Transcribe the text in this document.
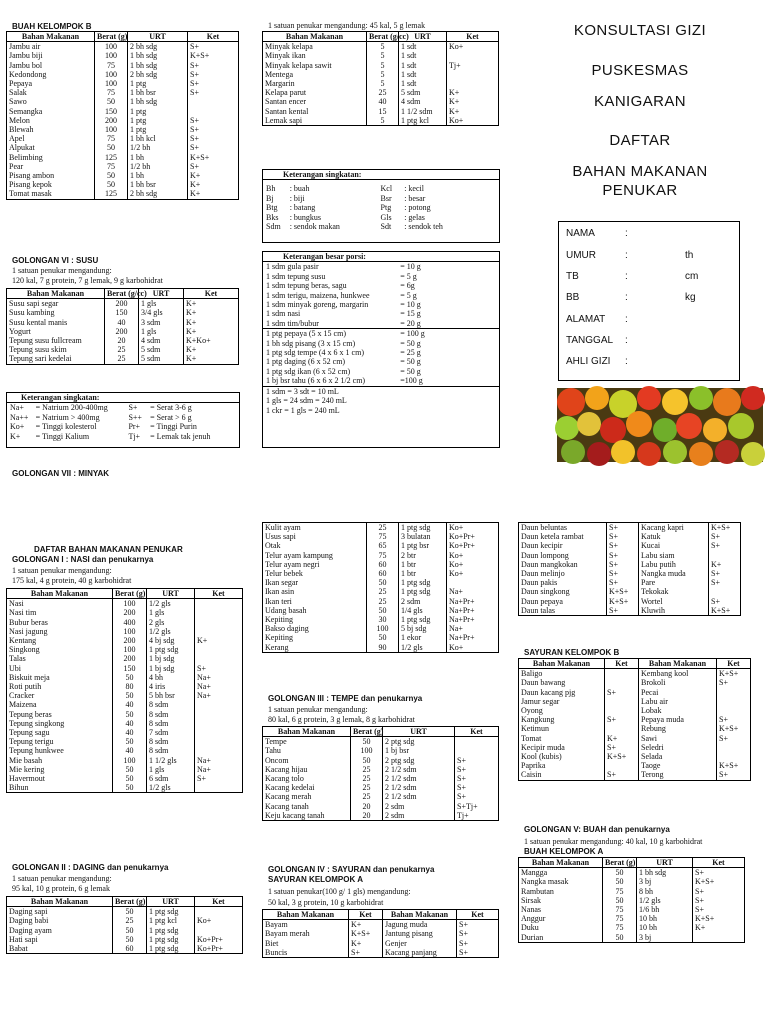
BUAH KELOMPOK B
Bahan Makanan	Berat (g)	URT	Ket
Jambu air	100	2 bh sdg	S+
Jambu biji	100	1 bh sdg	K+S+
Jambu bol	75	1 bh sdg	S+
Kedondong	100	2 bh sdg	S+
Pepaya	100	1 ptg	S+
Salak	75	1 bh bsr	S+
Sawo	50	1 bh sdg	
Semangka	150	1 ptg	
Melon	200	1 ptg	S+
Blewah	100	1 ptg	S+
Apel	75	1 bh kcl	S+
Alpukat	50	1/2 bh	S+
Belimbing	125	1 bh	K+S+
Pear	75	1/2 bh	S+
Pisang ambon	50	1 bh	K+
Pisang kepok	50	1 bh bsr	K+
Tomat masak	125	2 bh sdg	K+
GOLONGAN VI : SUSU
1 satuan penukar mengandung:
120 kal, 7 g protein, 7 g lemak, 9 g karbohidrat
Bahan Makanan	Berat (g/cc)	URT	Ket
Susu sapi segar	200	1 gls	K+
Susu kambing	150	3/4 gls	K+
Susu kental manis	40	3 sdm	K+
Yogurt	200	1 gls	K+
Tepung susu fullcream	20	4 sdm	K+Ko+
Tepung susu skim	25	5 sdm	K+
Tepung sari kedelai	25	5 sdm	K+
Keterangan singkatan:
Na+	= Natrium 200-400mg	S+	= Serat 3-6 g
Na++ = Natrium > 400mg	S++	= Serat > 6 g
Ko+	= Tinggi kolesterol	Pr+	= Tinggi Purin
K+	= Tinggi Kalium	Tj+	= Lemak tak jenuh
GOLONGAN VII : MINYAK
1 satuan penukar mengandung: 45 kal, 5 g lemak
Bahan Makanan	Berat (g/cc)	URT	Ket
Minyak kelapa	5	1 sdt	Ko+
Minyak ikan	5	1 sdt	
Minyak kelapa sawit	5	1 sdt	Tj+
Mentega	5	1 sdt	
Margarin	5	1 sdt	
Kelapa parut	25	5 sdm	K+
Santan encer	40	4 sdm	K+
Santan kental	15	1 1/2 sdm	K+
Lemak sapi	5	1 ptg kcl	Ko+
Keterangan singkatan:
Bh	: buah	Kcl	: kecil
Bj	: biji	Bsr	: besar
Btg	: batang	Ptg	: potong
Bks	: bungkus	Gls	: gelas
Sdm	: sendok makan	Sdt	: sendok teh
Keterangan besar porsi:
1 sdm gula pasir	= 10 g
1 sdm tepung susu	= 5 g
1 sdm tepung beras, sagu	= 6g
1 sdm terigu, maizena, hunkwee	= 5 g
1 sdm minyak goreng, margarin	= 10 g
1 sdm nasi	= 15 g
1 sdm tim/bubur	= 20 g
1 ptg pepaya (5 x 15 cm)	= 100 g
1 bh sdg pisang (3 x 15 cm)	= 50 g
1 ptg sdg tempe (4 x 6 x 1 cm)	= 25 g
1 ptg daging (6 x 52 cm)	= 50 g
1 ptg sdg ikan (6 x 52 cm)	= 50 g
1 bj bsr tahu (6 x 6 x 2 1/2 cm)	=100 g
1 sdm = 3 sdt = 10 mL
1 gls = 24 sdm = 240 mL
1 ckr = 1 gls = 240 mL
KONSULTASI GIZI
PUSKESMAS
KANIGARAN
DAFTAR
BAHAN MAKANAN
PENUKAR
NAMA	:
UMUR	:	th
TB	:	cm
BB	:	kg
ALAMAT :
TANGGAL :
AHLI GIZI :
DAFTAR BAHAN MAKANAN PENUKAR
GOLONGAN I : NASI dan penukarnya
1 satuan penukar mengandung:
175 kal, 4 g protein, 40 g karbohidrat
Bahan Makanan	Berat (g)	URT	Ket
Nasi	100	1/2 gls	
Nasi tim	200	1 gls	
Bubur beras	400	2 gls	
Nasi jagung	100	1/2 gls	
Kentang	200	4 bj sdg	K+
Singkong	100	1 ptg sdg	
Talas	200	1 bj sdg	
Ubi	150	1 bj sdg	S+
Biskuit meja	50	4 bh	Na+
Roti putih	80	4 iris	Na+
Cracker	50	5 bh bsr	Na+
Maizena	40	8 sdm	
Tepung beras	50	8 sdm	
Tepung singkong	40	8 sdm	
Tepung sagu	40	7 sdm	
Tepung terigu	50	8 sdm	
Tepung hunkwee	40	8 sdm	
Mie basah	100	1 1/2 gls	Na+
Mie kering	50	1 gls	Na+
Havermout	50	6 sdm	S+
Bihun	50	1/2 gls	
GOLONGAN II : DAGING dan penukarnya
1 satuan penukar mengandung:
95 kal, 10 g protein, 6 g lemak
Bahan Makanan	Berat (g)	URT	Ket
Daging sapi	50	1 ptg sdg	
Daging babi	25	1 ptg kcl	Ko+
Daging ayam	50	1 ptg sdg	
Hati sapi	50	1 ptg sdg	Ko+Pr+
Babat	60	1 ptg sdg	Ko+Pr+
Kulit ayam	25	1 ptg sdg	Ko+
Usus sapi	75	3 bulatan	Ko+Pr+
Otak	65	1 ptg bsr	Ko+Pr+
Telur ayam kampung	75	2 btr	Ko+
Telur ayam negri	60	1 btr	Ko+
Telur bebek	60	1 btr	Ko+
Ikan segar	50	1 ptg sdg	
Ikan asin	25	1 ptg sdg	Na+
Ikan teri	25	2 sdm	Na+Pr+
Udang basah	50	1/4 gls	Na+Pr+
Kepiting	30	1 ptg sdg	Na+Pr+
Bakso daging	100	5 bj sdg	Na+
Kepiting	50	1 ekor	Na+Pr+
Kerang	90	1/2 gls	Ko+
GOLONGAN III : TEMPE dan penukarnya
1 satuan penukar mengandung:
80 kal, 6 g protein, 3 g lemak, 8 g karbohidrat
Bahan Makanan	Berat (g)	URT	Ket
Tempe	50	2 ptg sdg	
Tahu	100	1 bj bsr	
Oncom	50	2 ptg sdg	S+
Kacang hijau	25	2 1/2 sdm	S+
Kacang tolo	25	2 1/2 sdm	S+
Kacang kedelai	25	2 1/2 sdm	S+
Kacang merah	25	2 1/2 sdm	S+
Kacang tanah	20	2 sdm	S+Tj+
Keju kacang tanah	20	2 sdm	Tj+
GOLONGAN IV : SAYURAN dan penukarnya
SAYURAN KELOMPOK A
1 satuan penukar(100 g/ 1 gls) mengandung:
50 kal, 3 g protein, 10 g karbohidrat
Bahan Makanan	Ket	Bahan Makanan	Ket
Bayam	K+	Jagung muda	S+
Bayam merah	K+S+	Jantung pisang	S+
Biet	K+	Genjer	S+
Buncis	S+	Kacang panjang	S+
Daun beluntas	S+	Kacang kapri	K+S+
Daun ketela rambat	S+	Katuk	S+
Daun kecipir	S+	Kucai	S+
Daun lompong	S+	Labu siam	
Daun mangkokan	S+	Labu putih	K+
Daun melinjo	S+	Nangka muda	S+
Daun pakis	S+	Pare	S+
Daun singkong	K+S+	Tekokak	
Daun pepaya	K+S+	Wortel	S+
Daun talas	S+	Kluwih	K+S+
SAYURAN KELOMPOK B
Bahan Makanan	Ket	Bahan Makanan	Ket
Baligo		Kembang kool	K+S+
Daun bawang		Brokoli	S+
Daun kacang pjg	S+	Pecai	
Jamur segar		Labu air	
Oyong		Lobak	
Kangkung	S+	Pepaya muda	S+
Ketimun		Rebung	K+S+
Tomat	K+	Sawi	S+
Kecipir muda	S+	Seledri	
Kool (kubis)	K+S+	Selada	
Paprika		Taoge	K+S+
Caisin	S+	Terong	S+
GOLONGAN V: BUAH dan penukarnya
1 satuan penukar mengandung: 40 kal, 10 g karbohidrat
BUAH KELOMPOK A
Bahan Makanan	Berat (g)	URT	Ket
Mangga	50	1 bh sdg	S+
Nangka masak	50	3 bj	K+S+
Rambutan	75	8 bh	S+
Sirsak	50	1/2 gls	S+
Nanas	75	1/6 bh	S+
Anggur	75	10 bh	K+S+
Duku	75	10 bh	K+
Durian	50	3 bj	
